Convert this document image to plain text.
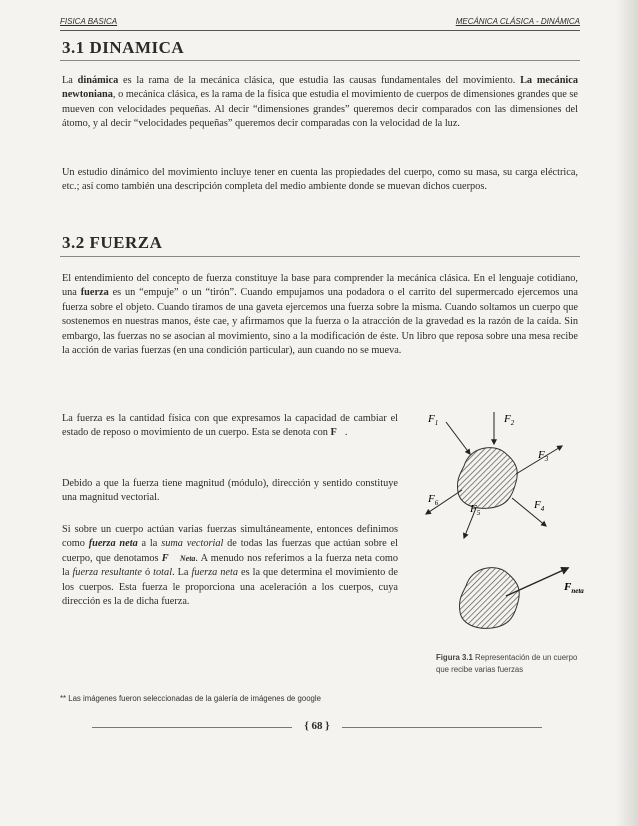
FISICA BASICA	MECÁNICA CLÁSICA - DINÁMICA
3.1 DINAMICA

La dinámica es la rama de la mecánica clásica, que estudia las causas fundamentales del movimiento. La mecánica newtoniana, o mecánica clásica, es la rama de la física que estudia el movimiento de cuerpos de dimensiones grandes que se mueven con velocidades pequeñas. Al decir “dimensiones grandes” queremos decir comparados con las dimensiones del átomo, y al decir “velocidades pequeñas” queremos decir comparadas con la velocidad de la luz.

Un estudio dinámico del movimiento incluye tener en cuenta las propiedades del cuerpo, como su masa, su carga eléctrica, etc.; así como también una descripción completa del medio ambiente donde se muevan dichos cuerpos.

3.2 FUERZA

El entendimiento del concepto de fuerza constituye la base para comprender la mecánica clásica. En el lenguaje cotidiano, una fuerza es un “empuje” o un “tirón”. Cuando empujamos una podadora o el carrito del supermercado ejercemos una fuerza sobre el objeto. Cuando tiramos de una gaveta ejercemos una fuerza sobre la misma. Cuando soltamos un cuerpo que sostenemos en nuestras manos, éste cae, y afirmamos que la fuerza o la atracción de la gravedad es la razón de la caída. Sin embargo, las fuerzas no se asocian al movimiento, sino a la modificación de éste. Un libro que reposa sobre una mesa recibe la acción de varias fuerzas (en una condición particular), aun cuando no se mueva.

La fuerza es la cantidad física con que expresamos la capacidad de cambiar el estado de reposo o movimiento de un cuerpo. Esta se denota con F⃗.

Debido a que la fuerza tiene magnitud (módulo), dirección y sentido constituye una magnitud vectorial.

Si sobre un cuerpo actúan varias fuerzas simultáneamente, entonces definimos como fuerza neta a la suma vectorial de todas las fuerzas que actúan sobre el cuerpo, que denotamos F⃗ Neta. A menudo nos referimos a la fuerza neta como la fuerza resultante ó total. La fuerza neta es la que determina el movimiento de los cuerpos. Esta fuerza le proporciona una aceleración a los cuerpos, cuya dirección es la de dicha fuerza.

$F_1$	$F_2$
$F_3$
$F_4$
$F_5$
$F_6$
$F_{neta}$
Figura 3.1 Representación de un cuerpo que recibe varias fuerzas
** Las imágenes fueron seleccionadas de la galería de imágenes de google
{ 68 }
